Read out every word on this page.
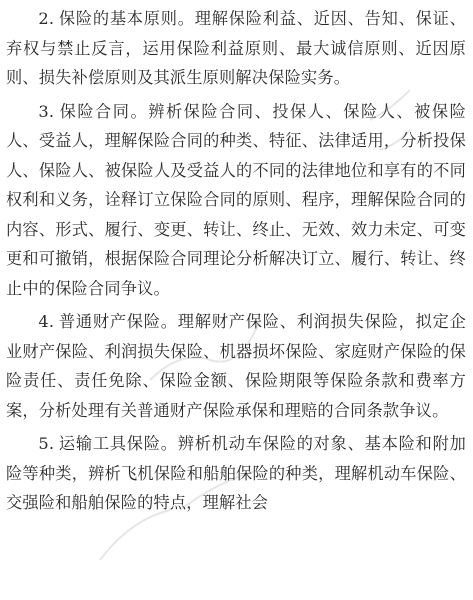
2. 保险的基本原则。理解保险利益、近因、告知、保证、弃权与禁止反言，运用保险利益原则、最大诚信原则、近因原则、损失补偿原则及其派生原则解决保险实务。

3. 保险合同。辨析保险合同、投保人、保险人、被保险人、受益人，理解保险合同的种类、特征、法律适用，分析投保人、保险人、被保险人及受益人的不同的法律地位和享有的不同权利和义务，诠释订立保险合同的原则、程序，理解保险合同的内容、形式、履行、变更、转让、终止、无效、效力未定、可变更和可撤销，根据保险合同理论分析解决订立、履行、转让、终止中的保险合同争议。

4. 普通财产保险。理解财产保险、利润损失保险，拟定企业财产保险、利润损失保险、机器损坏保险、家庭财产保险的保险责任、责任免除、保险金额、保险期限等保险条款和费率方案，分析处理有关普通财产保险承保和理赔的合同条款争议。

5. 运输工具保险。辨析机动车保险的对象、基本险和附加险等种类，辨析飞机保险和船舶保险的种类，理解机动车保险、交强险和船舶保险的特点，理解社会
